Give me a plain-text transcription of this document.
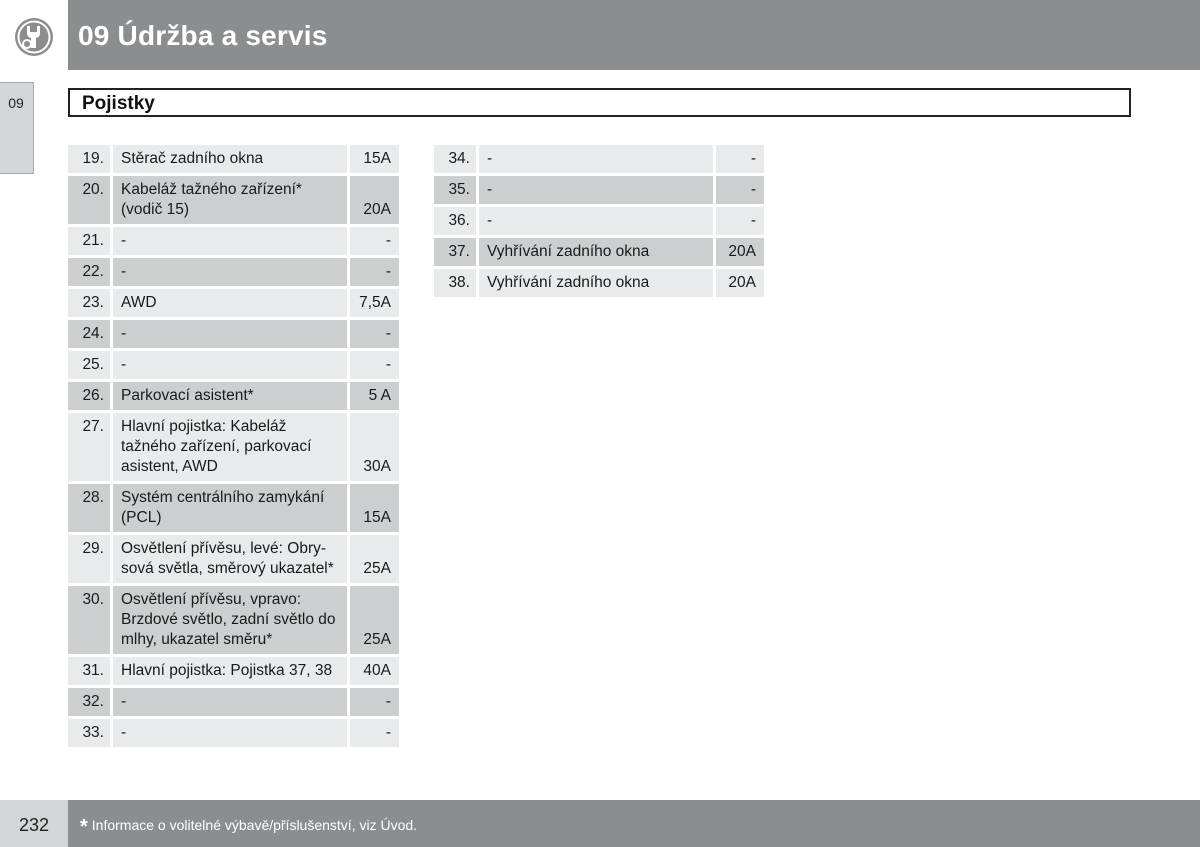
09 Údržba a servis
09	Pojistky
19.	Stěrač zadního okna	15A
20.	Kabeláž tažného zařízení*
(vodič 15)	20A
21.	-	-
22.	-	-
23.	AWD	7,5A
24.	-	-
25.	-	-
26.	Parkovací asistent*	5 A
27.	Hlavní pojistka: Kabeláž
tažného zařízení, parkovací
asistent, AWD	30A
28.	Systém centrálního zamykání
(PCL)	15A
29.	Osvětlení přívěsu, levé: Obry-
sová světla, směrový ukazatel*	25A
30.	Osvětlení přívěsu, vpravo:
Brzdové světlo, zadní světlo do
mlhy, ukazatel směru*	25A
31.	Hlavní pojistka: Pojistka 37, 38	40A
32.	-	-
33.	-	-
34.	-	-
35.	-	-
36.	-	-
37.	Vyhřívání zadního okna	20A
38.	Vyhřívání zadního okna	20A
232	* Informace o volitelné výbavě/příslušenství, viz Úvod.
